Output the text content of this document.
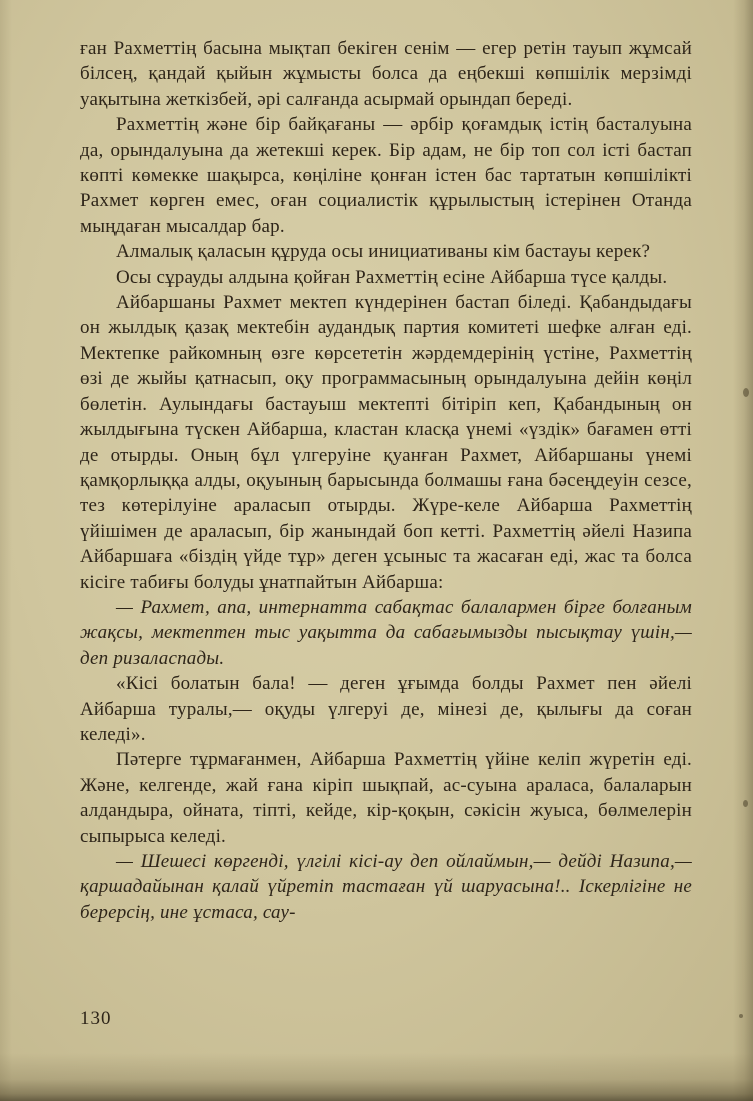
ған Рахметтің басына мықтап бекіген сенім — егер ретін тауып жұмсай білсең, қандай қыйын жұмысты болса да еңбекші көпшілік мерзімді уақытына жеткізбей, әрі салғанда асырмай орындап береді.

Рахметтің және бір байқағаны — әрбір қоғамдық істің басталуына да, орындалуына да жетекші керек. Бір адам, не бір топ сол істі бастап көпті көмекке шақырса, көңіліне қонған істен бас тартатын көпшілікті Рахмет көрген емес, оған социалистік құрылыстың істерінен Отанда мыңдаған мысалдар бар.

Алмалық қаласын құруда осы инициативаны кім бастауы керек?

Осы сұрауды алдына қойған Рахметтің есіне Айбарша түсе қалды.

Айбаршаны Рахмет мектеп күндерінен бастап біледі. Қабандыдағы он жылдық қазақ мектебін аудандық партия комитеті шефке алған еді. Мектепке райкомның өзге көрсететін жәрдемдерінің үстіне, Рахметтің өзі де жыйы қатнасып, оқу программасының орындалуына дейін көңіл бөлетін. Аулындағы бастауыш мектепті бітіріп кеп, Қабандының он жылдығына түскен Айбарша, кластан класқа үнемі «үздік» бағамен өтті де отырды. Оның бұл үлгеруіне қуанған Рахмет, Айбаршаны үнемі қамқорлыққа алды, оқуының барысында болмашы ғана бәсеңдеуін сезсе, тез көтерілуіне араласып отырды. Жүре-келе Айбарша Рахметтің үйішімен де араласып, бір жанындай боп кетті. Рахметтің әйелі Назипа Айбаршаға «біздің үйде тұр» деген ұсыныс та жасаған еді, жас та болса кісіге табиғы болуды ұнатпайтын Айбарша:

— Рахмет, апа, интернатта сабақтас балалармен бірге болғаным жақсы, мектептен тыс уақытта да сабағымызды пысықтау үшін,— деп ризаласпады.

«Кісі болатын бала! — деген ұғымда болды Рахмет пен әйелі Айбарша туралы,— оқуды үлгеруі де, мінезі де, қылығы да соған келеді».

Пәтерге тұрмағанмен, Айбарша Рахметтің үйіне келіп жүретін еді. Және, келгенде, жай ғана кіріп шықпай, ас-суына араласа, балаларын алдандыра, ойната, тіпті, кейде, кір-қоқын, сәкісін жуыса, бөлмелерін сыпырыса келеді.

— Шешесі көргенді, үлгілі кісі-ау деп ойлаймын,— дейді Назипа,— қаршадайынан қалай үйретіп тастаған үй шаруасына!.. Іскерлігіне не берерсің, ине ұстаса, сау-

130
